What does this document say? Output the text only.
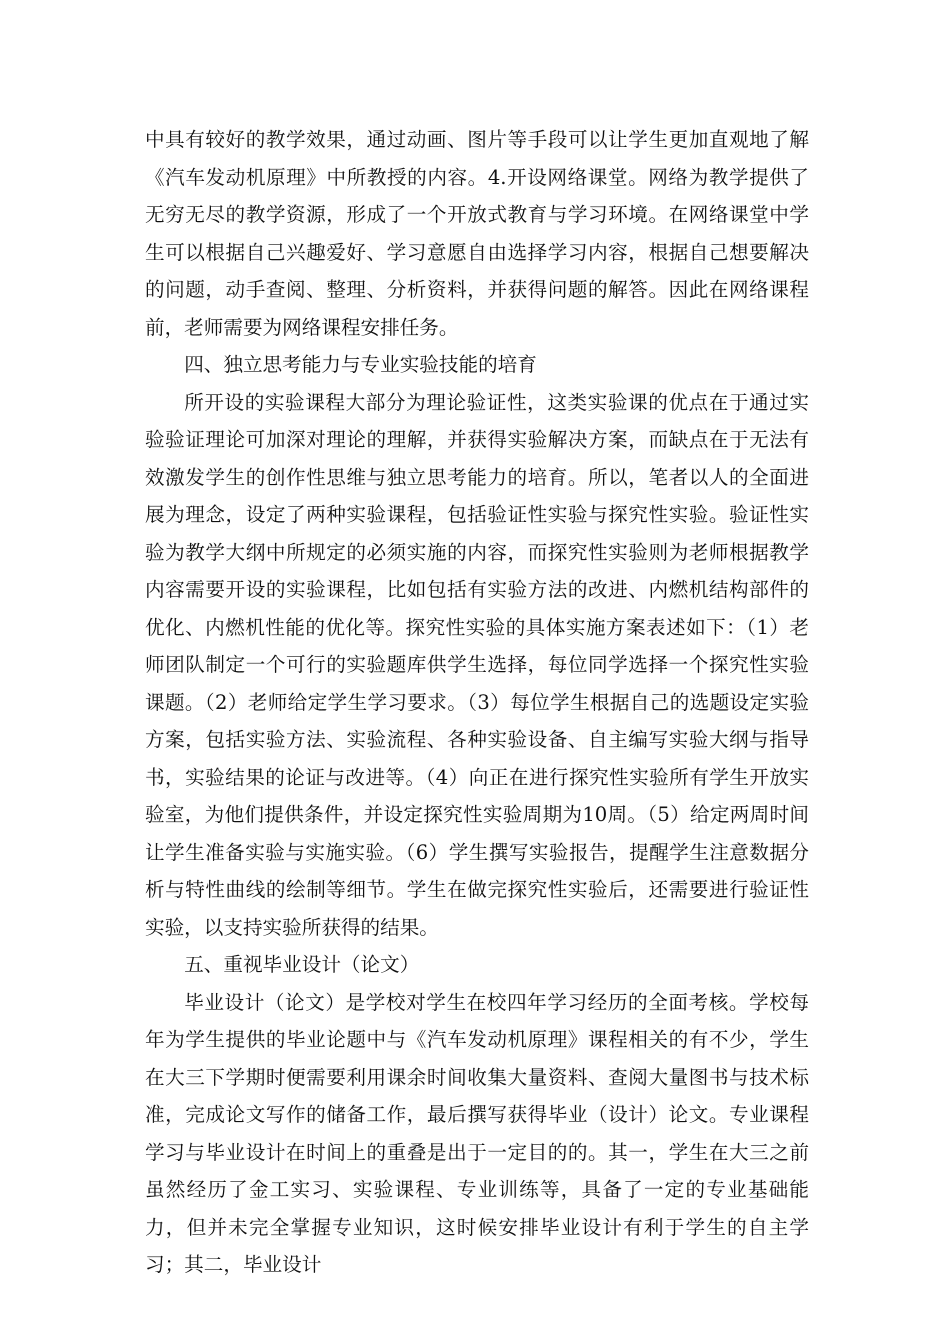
中具有较好的教学效果，通过动画、图片等手段可以让学生更加直观地了解《汽车发动机原理》中所教授的内容。4.开设网络课堂。网络为教学提供了无穷无尽的教学资源，形成了一个开放式教育与学习环境。在网络课堂中学生可以根据自己兴趣爱好、学习意愿自由选择学习内容，根据自己想要解决的问题，动手查阅、整理、分析资料，并获得问题的解答。因此在网络课程前，老师需要为网络课程安排任务。

四、独立思考能力与专业实验技能的培育

所开设的实验课程大部分为理论验证性，这类实验课的优点在于通过实验验证理论可加深对理论的理解，并获得实验解决方案，而缺点在于无法有效激发学生的创作性思维与独立思考能力的培育。所以，笔者以人的全面进展为理念，设定了两种实验课程，包括验证性实验与探究性实验。验证性实验为教学大纲中所规定的必须实施的内容，而探究性实验则为老师根据教学内容需要开设的实验课程，比如包括有实验方法的改进、内燃机结构部件的优化、内燃机性能的优化等。探究性实验的具体实施方案表述如下：（1）老师团队制定一个可行的实验题库供学生选择，每位同学选择一个探究性实验课题。（2）老师给定学生学习要求。（3）每位学生根据自己的选题设定实验方案，包括实验方法、实验流程、各种实验设备、自主编写实验大纲与指导书，实验结果的论证与改进等。（4）向正在进行探究性实验所有学生开放实验室，为他们提供条件，并设定探究性实验周期为10周。（5）给定两周时间让学生准备实验与实施实验。（6）学生撰写实验报告，提醒学生注意数据分析与特性曲线的绘制等细节。学生在做完探究性实验后，还需要进行验证性实验，以支持实验所获得的结果。

五、重视毕业设计（论文）

毕业设计（论文）是学校对学生在校四年学习经历的全面考核。学校每年为学生提供的毕业论题中与《汽车发动机原理》课程相关的有不少，学生在大三下学期时便需要利用课余时间收集大量资料、查阅大量图书与技术标准，完成论文写作的储备工作，最后撰写获得毕业（设计）论文。专业课程学习与毕业设计在时间上的重叠是出于一定目的的。其一，学生在大三之前虽然经历了金工实习、实验课程、专业训练等，具备了一定的专业基础能力，但并未完全掌握专业知识，这时候安排毕业设计有利于学生的自主学习；其二，毕业设计
